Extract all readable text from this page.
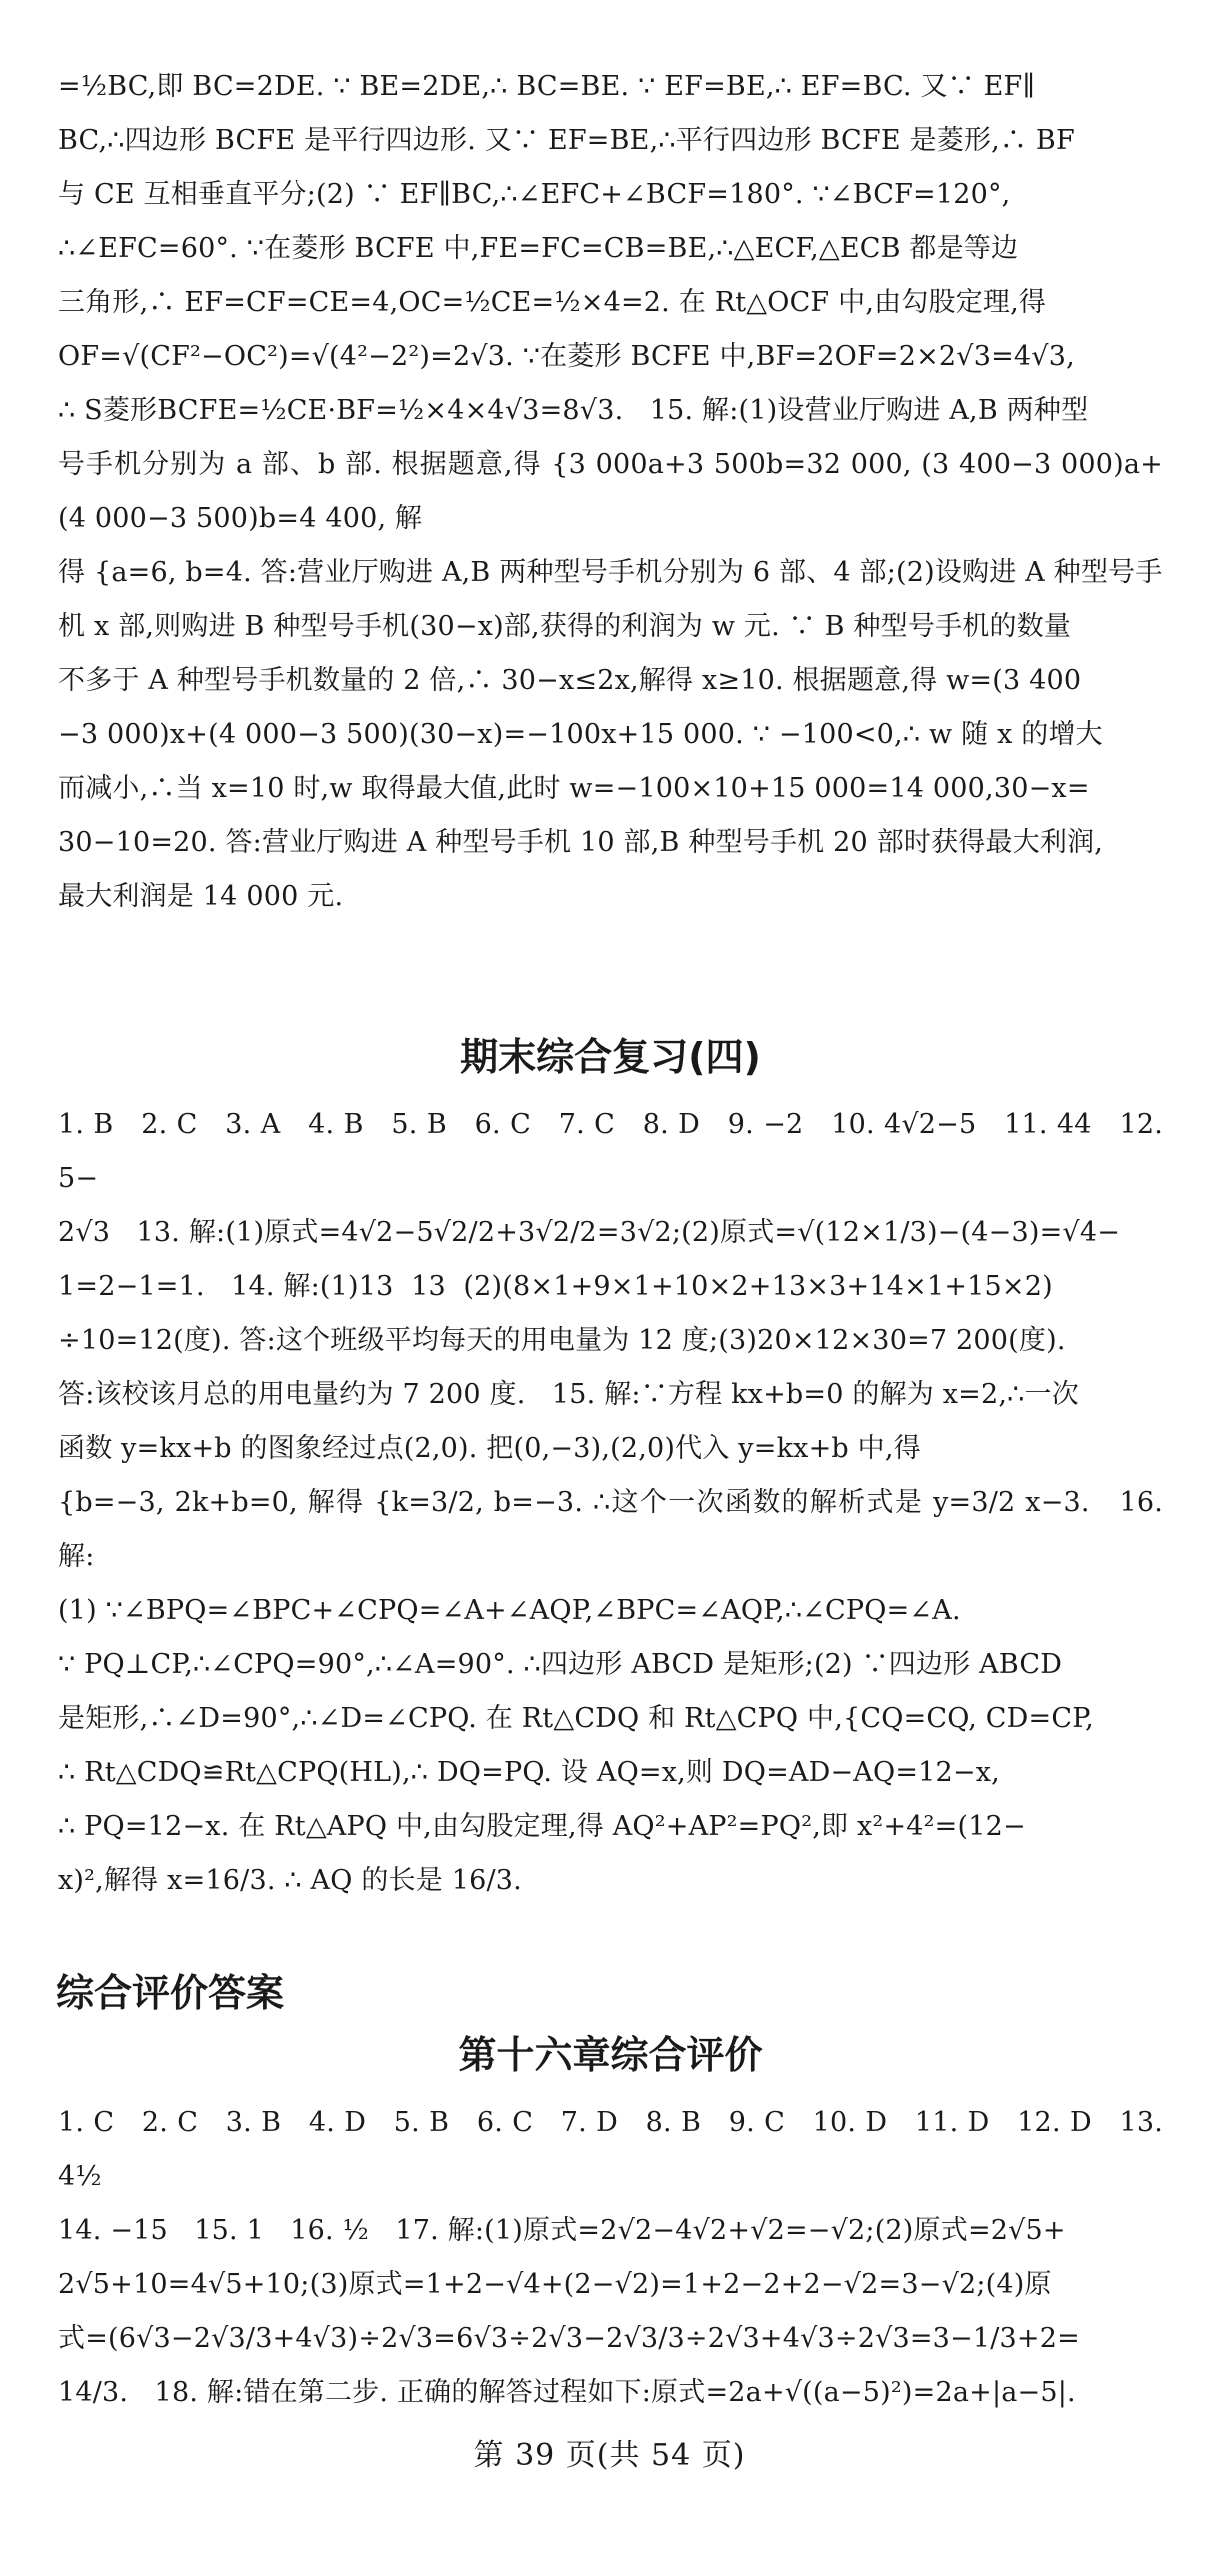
=½BC,即 BC=2DE. ∵ BE=2DE,∴ BC=BE. ∵ EF=BE,∴ EF=BC. 又∵ EF∥

BC,∴四边形 BCFE 是平行四边形. 又∵ EF=BE,∴平行四边形 BCFE 是菱形,∴ BF

与 CE 互相垂直平分;(2) ∵ EF∥BC,∴∠EFC+∠BCF=180°. ∵∠BCF=120°,

∴∠EFC=60°. ∵在菱形 BCFE 中,FE=FC=CB=BE,∴△ECF,△ECB 都是等边

三角形,∴ EF=CF=CE=4,OC=½CE=½×4=2. 在 Rt△OCF 中,由勾股定理,得

OF=√(CF²−OC²)=√(4²−2²)=2√3. ∵在菱形 BCFE 中,BF=2OF=2×2√3=4√3,

∴ S菱形BCFE=½CE·BF=½×4×4√3=8√3.   15. 解:(1)设营业厅购进 A,B 两种型

号手机分别为 a 部、b 部. 根据题意,得 {3 000a+3 500b=32 000, (3 400−3 000)a+(4 000−3 500)b=4 400, 解

得 {a=6, b=4. 答:营业厅购进 A,B 两种型号手机分别为 6 部、4 部;(2)设购进 A 种型号手

机 x 部,则购进 B 种型号手机(30−x)部,获得的利润为 w 元. ∵ B 种型号手机的数量

不多于 A 种型号手机数量的 2 倍,∴ 30−x≤2x,解得 x≥10. 根据题意,得 w=(3 400

−3 000)x+(4 000−3 500)(30−x)=−100x+15 000. ∵ −100<0,∴ w 随 x 的增大

而减小,∴当 x=10 时,w 取得最大值,此时 w=−100×10+15 000=14 000,30−x=

30−10=20. 答:营业厅购进 A 种型号手机 10 部,B 种型号手机 20 部时获得最大利润,

最大利润是 14 000 元.

期末综合复习(四)

1. B   2. C   3. A   4. B   5. B   6. C   7. C   8. D   9. −2   10. 4√2−5   11. 44   12. 5−

2√3   13. 解:(1)原式=4√2−5√2/2+3√2/2=3√2;(2)原式=√(12×1/3)−(4−3)=√4−

1=2−1=1.   14. 解:(1)13  13  (2)(8×1+9×1+10×2+13×3+14×1+15×2)

÷10=12(度). 答:这个班级平均每天的用电量为 12 度;(3)20×12×30=7 200(度).

答:该校该月总的用电量约为 7 200 度.   15. 解:∵方程 kx+b=0 的解为 x=2,∴一次

函数 y=kx+b 的图象经过点(2,0). 把(0,−3),(2,0)代入 y=kx+b 中,得

{b=−3, 2k+b=0, 解得 {k=3/2, b=−3. ∴这个一次函数的解析式是 y=3/2 x−3.   16. 解:

(1) ∵∠BPQ=∠BPC+∠CPQ=∠A+∠AQP,∠BPC=∠AQP,∴∠CPQ=∠A.

∵ PQ⊥CP,∴∠CPQ=90°,∴∠A=90°. ∴四边形 ABCD 是矩形;(2) ∵四边形 ABCD

是矩形,∴∠D=90°,∴∠D=∠CPQ. 在 Rt△CDQ 和 Rt△CPQ 中,{CQ=CQ, CD=CP,

∴ Rt△CDQ≌Rt△CPQ(HL),∴ DQ=PQ. 设 AQ=x,则 DQ=AD−AQ=12−x,

∴ PQ=12−x. 在 Rt△APQ 中,由勾股定理,得 AQ²+AP²=PQ²,即 x²+4²=(12−

x)²,解得 x=16/3. ∴ AQ 的长是 16/3.

综合评价答案
第十六章综合评价

1. C   2. C   3. B   4. D   5. B   6. C   7. D   8. B   9. C   10. D   11. D   12. D   13. 4½

14. −15   15. 1   16. ½   17. 解:(1)原式=2√2−4√2+√2=−√2;(2)原式=2√5+

2√5+10=4√5+10;(3)原式=1+2−√4+(2−√2)=1+2−2+2−√2=3−√2;(4)原

式=(6√3−2√3/3+4√3)÷2√3=6√3÷2√3−2√3/3÷2√3+4√3÷2√3=3−1/3+2=

14/3.   18. 解:错在第二步. 正确的解答过程如下:原式=2a+√((a−5)²)=2a+|a−5|.

第 39 页(共 54 页)
